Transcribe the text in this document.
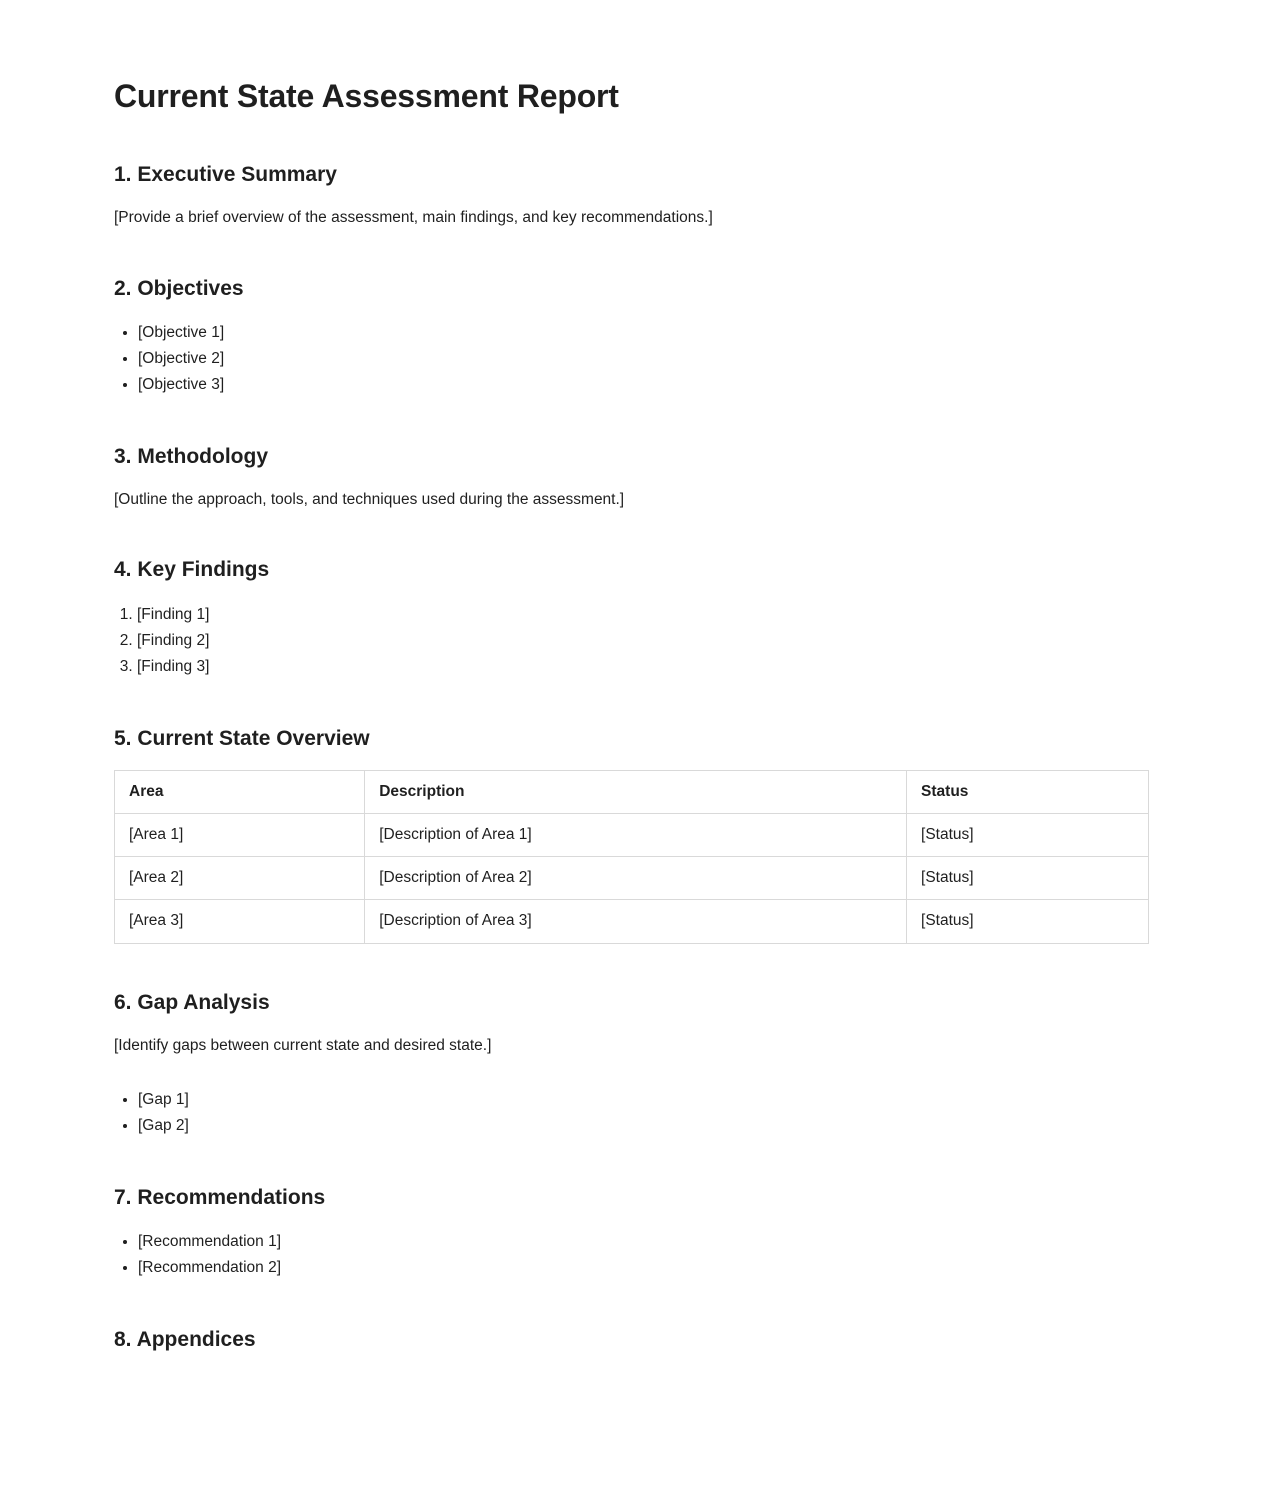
Current State Assessment Report
1. Executive Summary

[Provide a brief overview of the assessment, main findings, and key recommendations.]

2. Objectives
• [Objective 1]
• [Objective 2]
• [Objective 3]
3. Methodology

[Outline the approach, tools, and techniques used during the assessment.]

4. Key Findings
1. [Finding 1]
2. [Finding 2]
3. [Finding 3]
5. Current State Overview
Area	Description	Status
[Area 1]	[Description of Area 1]	[Status]
[Area 2]	[Description of Area 2]	[Status]
[Area 3]	[Description of Area 3]	[Status]
6. Gap Analysis

[Identify gaps between current state and desired state.]

• [Gap 1]
• [Gap 2]
7. Recommendations
• [Recommendation 1]
• [Recommendation 2]
8. Appendices
